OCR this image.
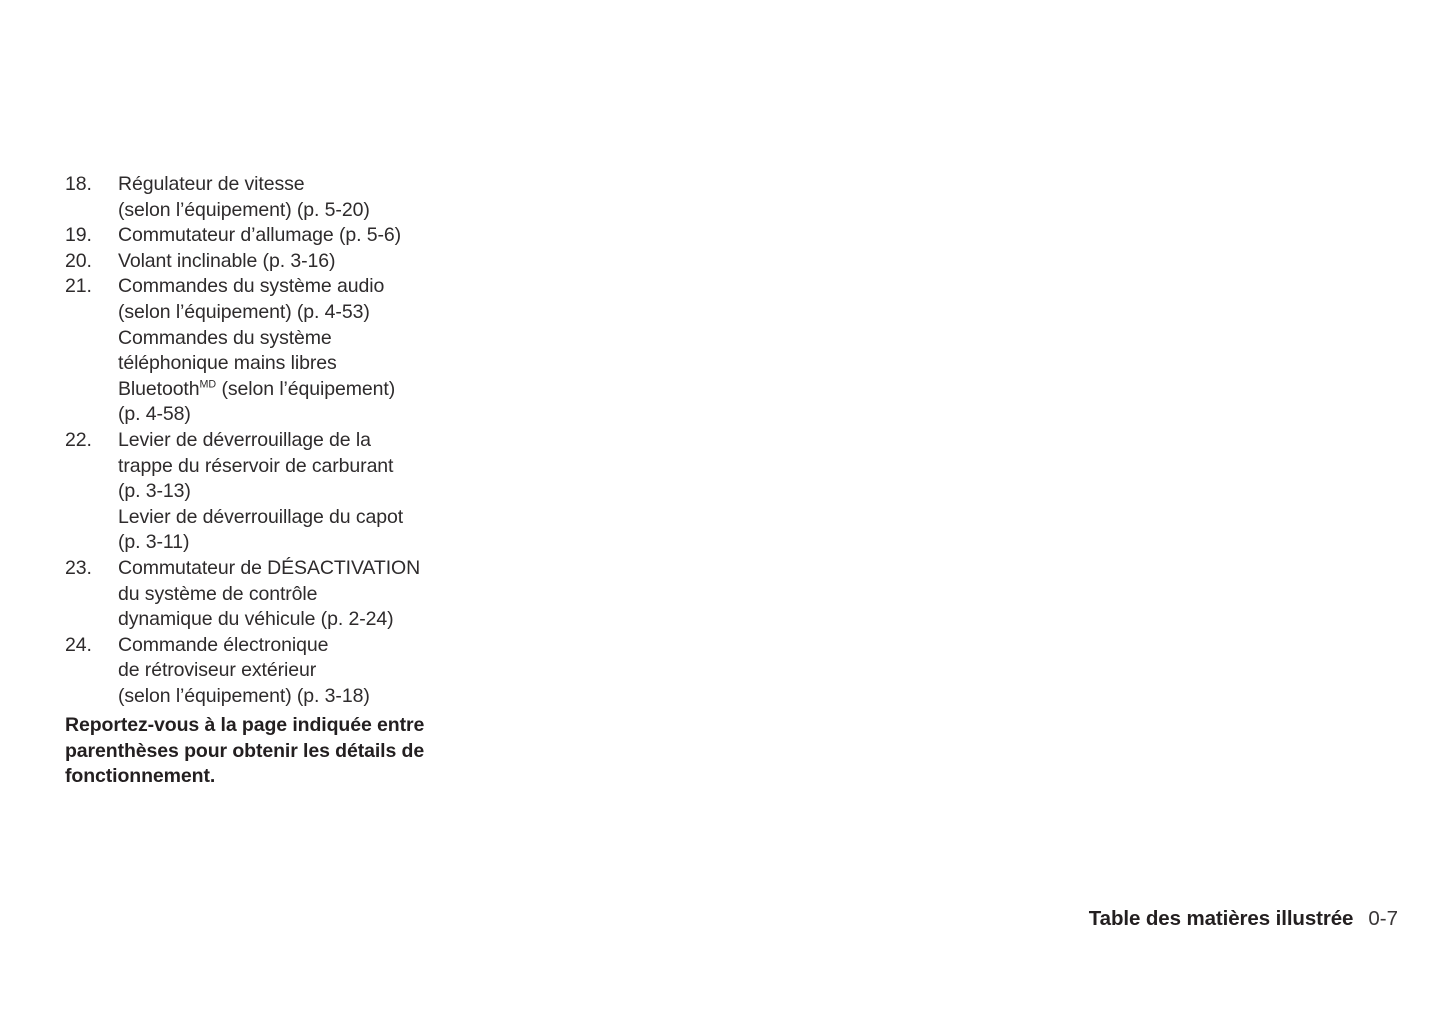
18.	Régulateur de vitesse
(selon l’équipement) (p. 5-20)
19.	Commutateur d’allumage (p. 5-6)
20.	Volant inclinable (p. 3-16)
21.	Commandes du système audio
(selon l’équipement) (p. 4-53)
Commandes du système
téléphonique mains libres
Bluetooth$^{MD}$ (selon l’équipement)
(p. 4-58)
22.	Levier de déverrouillage de la
trappe du réservoir de carburant
(p. 3-13)
Levier de déverrouillage du capot
(p. 3-11)
23.	Commutateur de DÉSACTIVATION
du système de contrôle
dynamique du véhicule (p. 2-24)
24.	Commande électronique
de rétroviseur extérieur
(selon l’équipement) (p. 3-18)

Reportez-vous à la page indiquée entre
parenthèses pour obtenir les détails de
fonctionnement.

Table des matières illustrée 0-7
